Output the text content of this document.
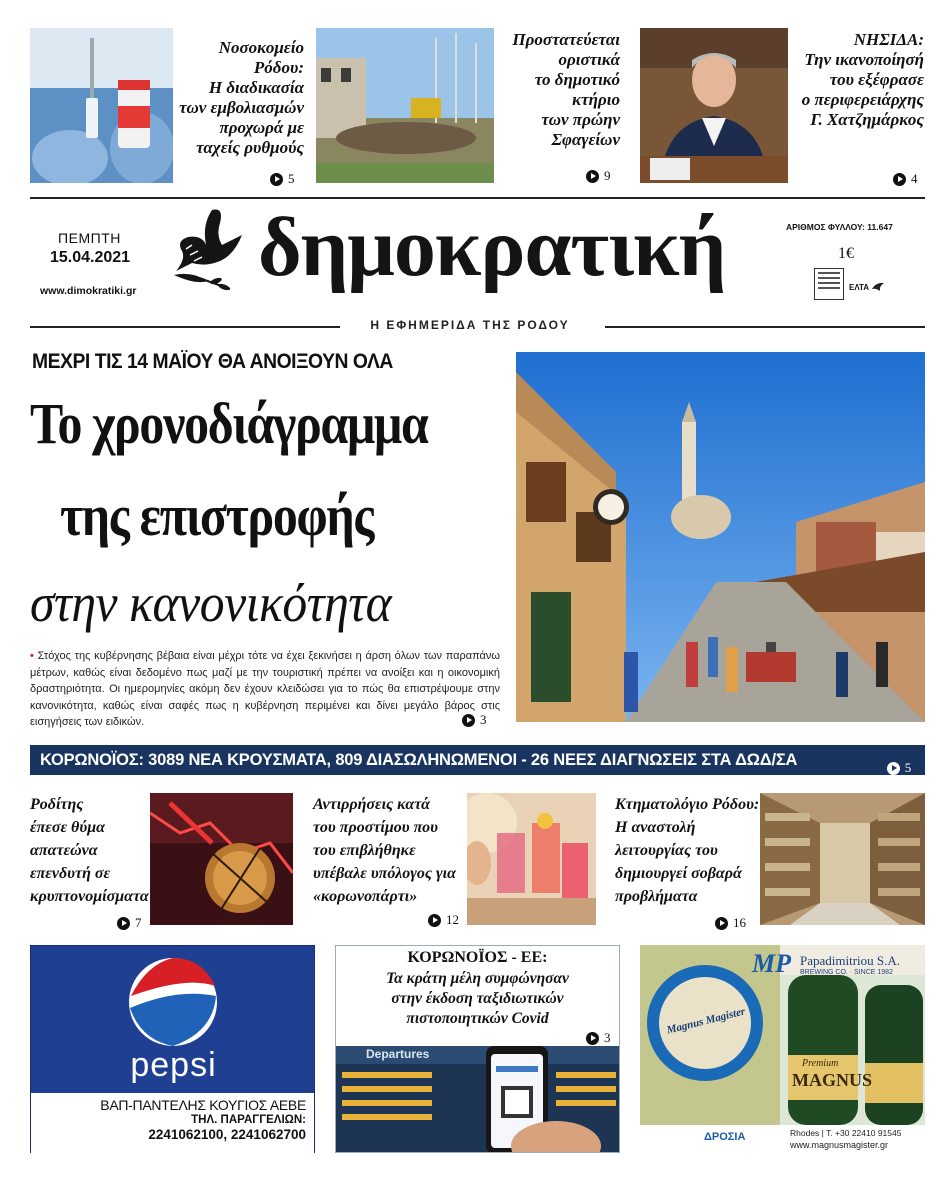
Νοσοκομείο
Ρόδου:
Η διαδικασία
των εμβολιασμών
προχωρά με
ταχείς ρυθμούς
5
Προστατεύεται
οριστικά
το δημοτικό
κτήριο
των πρώην
Σφαγείων
9
ΝΗΣΙΔΑ:
Την ικανοποίησή
του εξέφρασε
ο περιφερειάρχης
Γ. Χατζημάρκος
4
ΠΕΜΠΤΗ
15.04.2021
www.dimokratiki.gr δημοκρατική	ΑΡΙΘΜΟΣ ΦΥΛΛΟΥ: 11.647
1€
ΕΛΤΑ
Η ΕΦΗΜΕΡΙΔΑ ΤΗΣ ΡΟΔΟΥ
ΜΕΧΡΙ ΤΙΣ 14 ΜΑΪΟΥ ΘΑ ΑΝΟΙΞΟΥΝ ΟΛΑ
Το χρονοδιάγραμμα
της επιστροφής
στην κανονικότητα
• Στόχος της κυβέρνησης βέβαια είναι μέχρι τότε να έχει ξεκινήσει η άρση όλων των παραπάνω μέτρων, καθώς είναι δεδομένο πως μαζί με την τουριστική πρέπει να ανοίξει και η οικονομική δραστηριότητα. Οι ημερομηνίες ακόμη δεν έχουν κλειδώσει για το πώς θα επιστρέψουμε στην κανονικότητα, καθώς είναι σαφές πως η κυβέρνηση περιμένει και δίνει μεγάλο βάρος στις εισηγήσεις των ειδικών.	3
ΚΟΡΩΝΟΪΟΣ: 3089 ΝΕΑ ΚΡΟΥΣΜΑΤΑ, 809 ΔΙΑΣΩΛΗΝΩΜΕΝΟΙ - 26 ΝΕΕΣ ΔΙΑΓΝΩΣΕΙΣ ΣΤΑ ΔΩΔ/ΣΑ	5
Ροδίτης
έπεσε θύμα
απατεώνα
επενδυτή σε
κρυπτονομίσματα
7
Αντιρρήσεις κατά
του προστίμου που
του επιβλήθηκε
υπέβαλε υπόλογος για
«κορωνοπάρτι»
12
Κτηματολόγιο Ρόδου:
Η αναστολή
λειτουργίας του
δημιουργεί σοβαρά
προβλήματα
16
pepsi
ΒΑΠ-ΠΑΝΤΕΛΗΣ ΚΟΥΓΙΟΣ ΑΕΒΕ
ΤΗΛ. ΠΑΡΑΓΓΕΛΙΩΝ:
2241062100, 2241062700
ΚΟΡΩΝΟΪΟΣ - ΕΕ:
Τα κράτη μέλη συμφώνησαν
στην έκδοση ταξιδιωτικών
πιστοποιητικών Covid
3
Departures
MP Papadimitriou S.A.
BREWING CO. · SINCE 1982
Magnus Magister
Premium
MAGNUS
ΔΡΟΣΙΑ	Rhodes | T. +30 22410 91545
www.magnusmagister.gr
